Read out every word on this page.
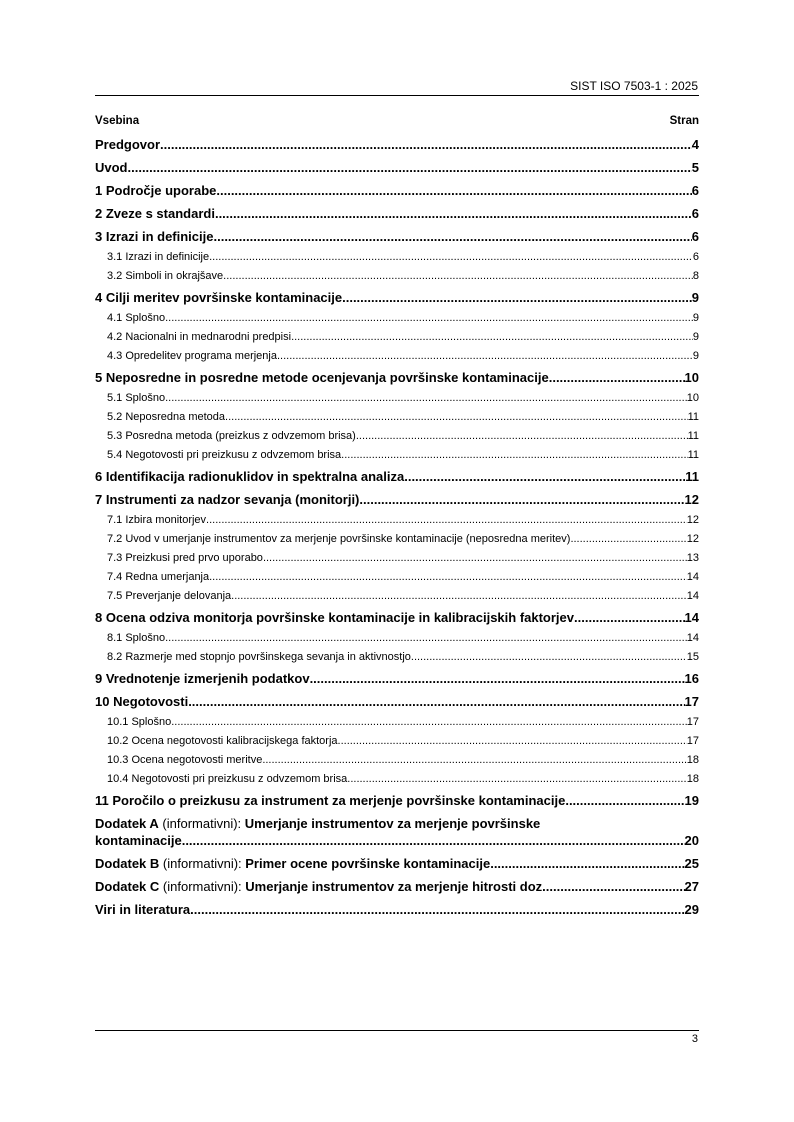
SIST ISO 7503-1 : 2025
Vsebina	Stran
Predgovor .....	4
Uvod .....	5
1 Področje uporabe .....	6
2 Zveze s standardi .....	6
3 Izrazi in definicije .....	6
3.1 Izrazi in definicije .....	6
3.2 Simboli in okrajšave .....	8
4 Cilji meritev površinske kontaminacije .....	9
4.1 Splošno .....	9
4.2 Nacionalni in mednarodni predpisi .....	9
4.3 Opredelitev programa merjenja .....	9
5 Neposredne in posredne metode ocenjevanja površinske kontaminacije .....	10
5.1 Splošno .....	10
5.2 Neposredna metoda .....	11
5.3 Posredna metoda (preizkus z odvzemom brisa) .....	11
5.4 Negotovosti pri preizkusu z odvzemom brisa .....	11
6 Identifikacija radionuklidov in spektralna analiza .....	11
7 Instrumenti za nadzor sevanja (monitorji) .....	12
7.1 Izbira monitorjev .....	12
7.2 Uvod v umerjanje instrumentov za merjenje površinske kontaminacije (neposredna meritev) .....	12
7.3 Preizkusi pred prvo uporabo .....	13
7.4 Redna umerjanja .....	14
7.5 Preverjanje delovanja .....	14
8 Ocena odziva monitorja površinske kontaminacije in kalibracijskih faktorjev .....	14
8.1 Splošno .....	14
8.2 Razmerje med stopnjo površinskega sevanja in aktivnostjo .....	15
9 Vrednotenje izmerjenih podatkov .....	16
10 Negotovosti .....	17
10.1 Splošno .....	17
10.2 Ocena negotovosti kalibracijskega faktorja .....	17
10.3 Ocena negotovosti meritve .....	18
10.4 Negotovosti pri preizkusu z odvzemom brisa .....	18
11 Poročilo o preizkusu za instrument za merjenje površinske kontaminacije .....	19
Dodatek A (informativni): Umerjanje instrumentov za merjenje površinske
kontaminacije .....	20
Dodatek B (informativni): Primer ocene površinske kontaminacije .....	25
Dodatek C (informativni): Umerjanje instrumentov za merjenje hitrosti doz .....	27
Viri in literatura .....	29
3
